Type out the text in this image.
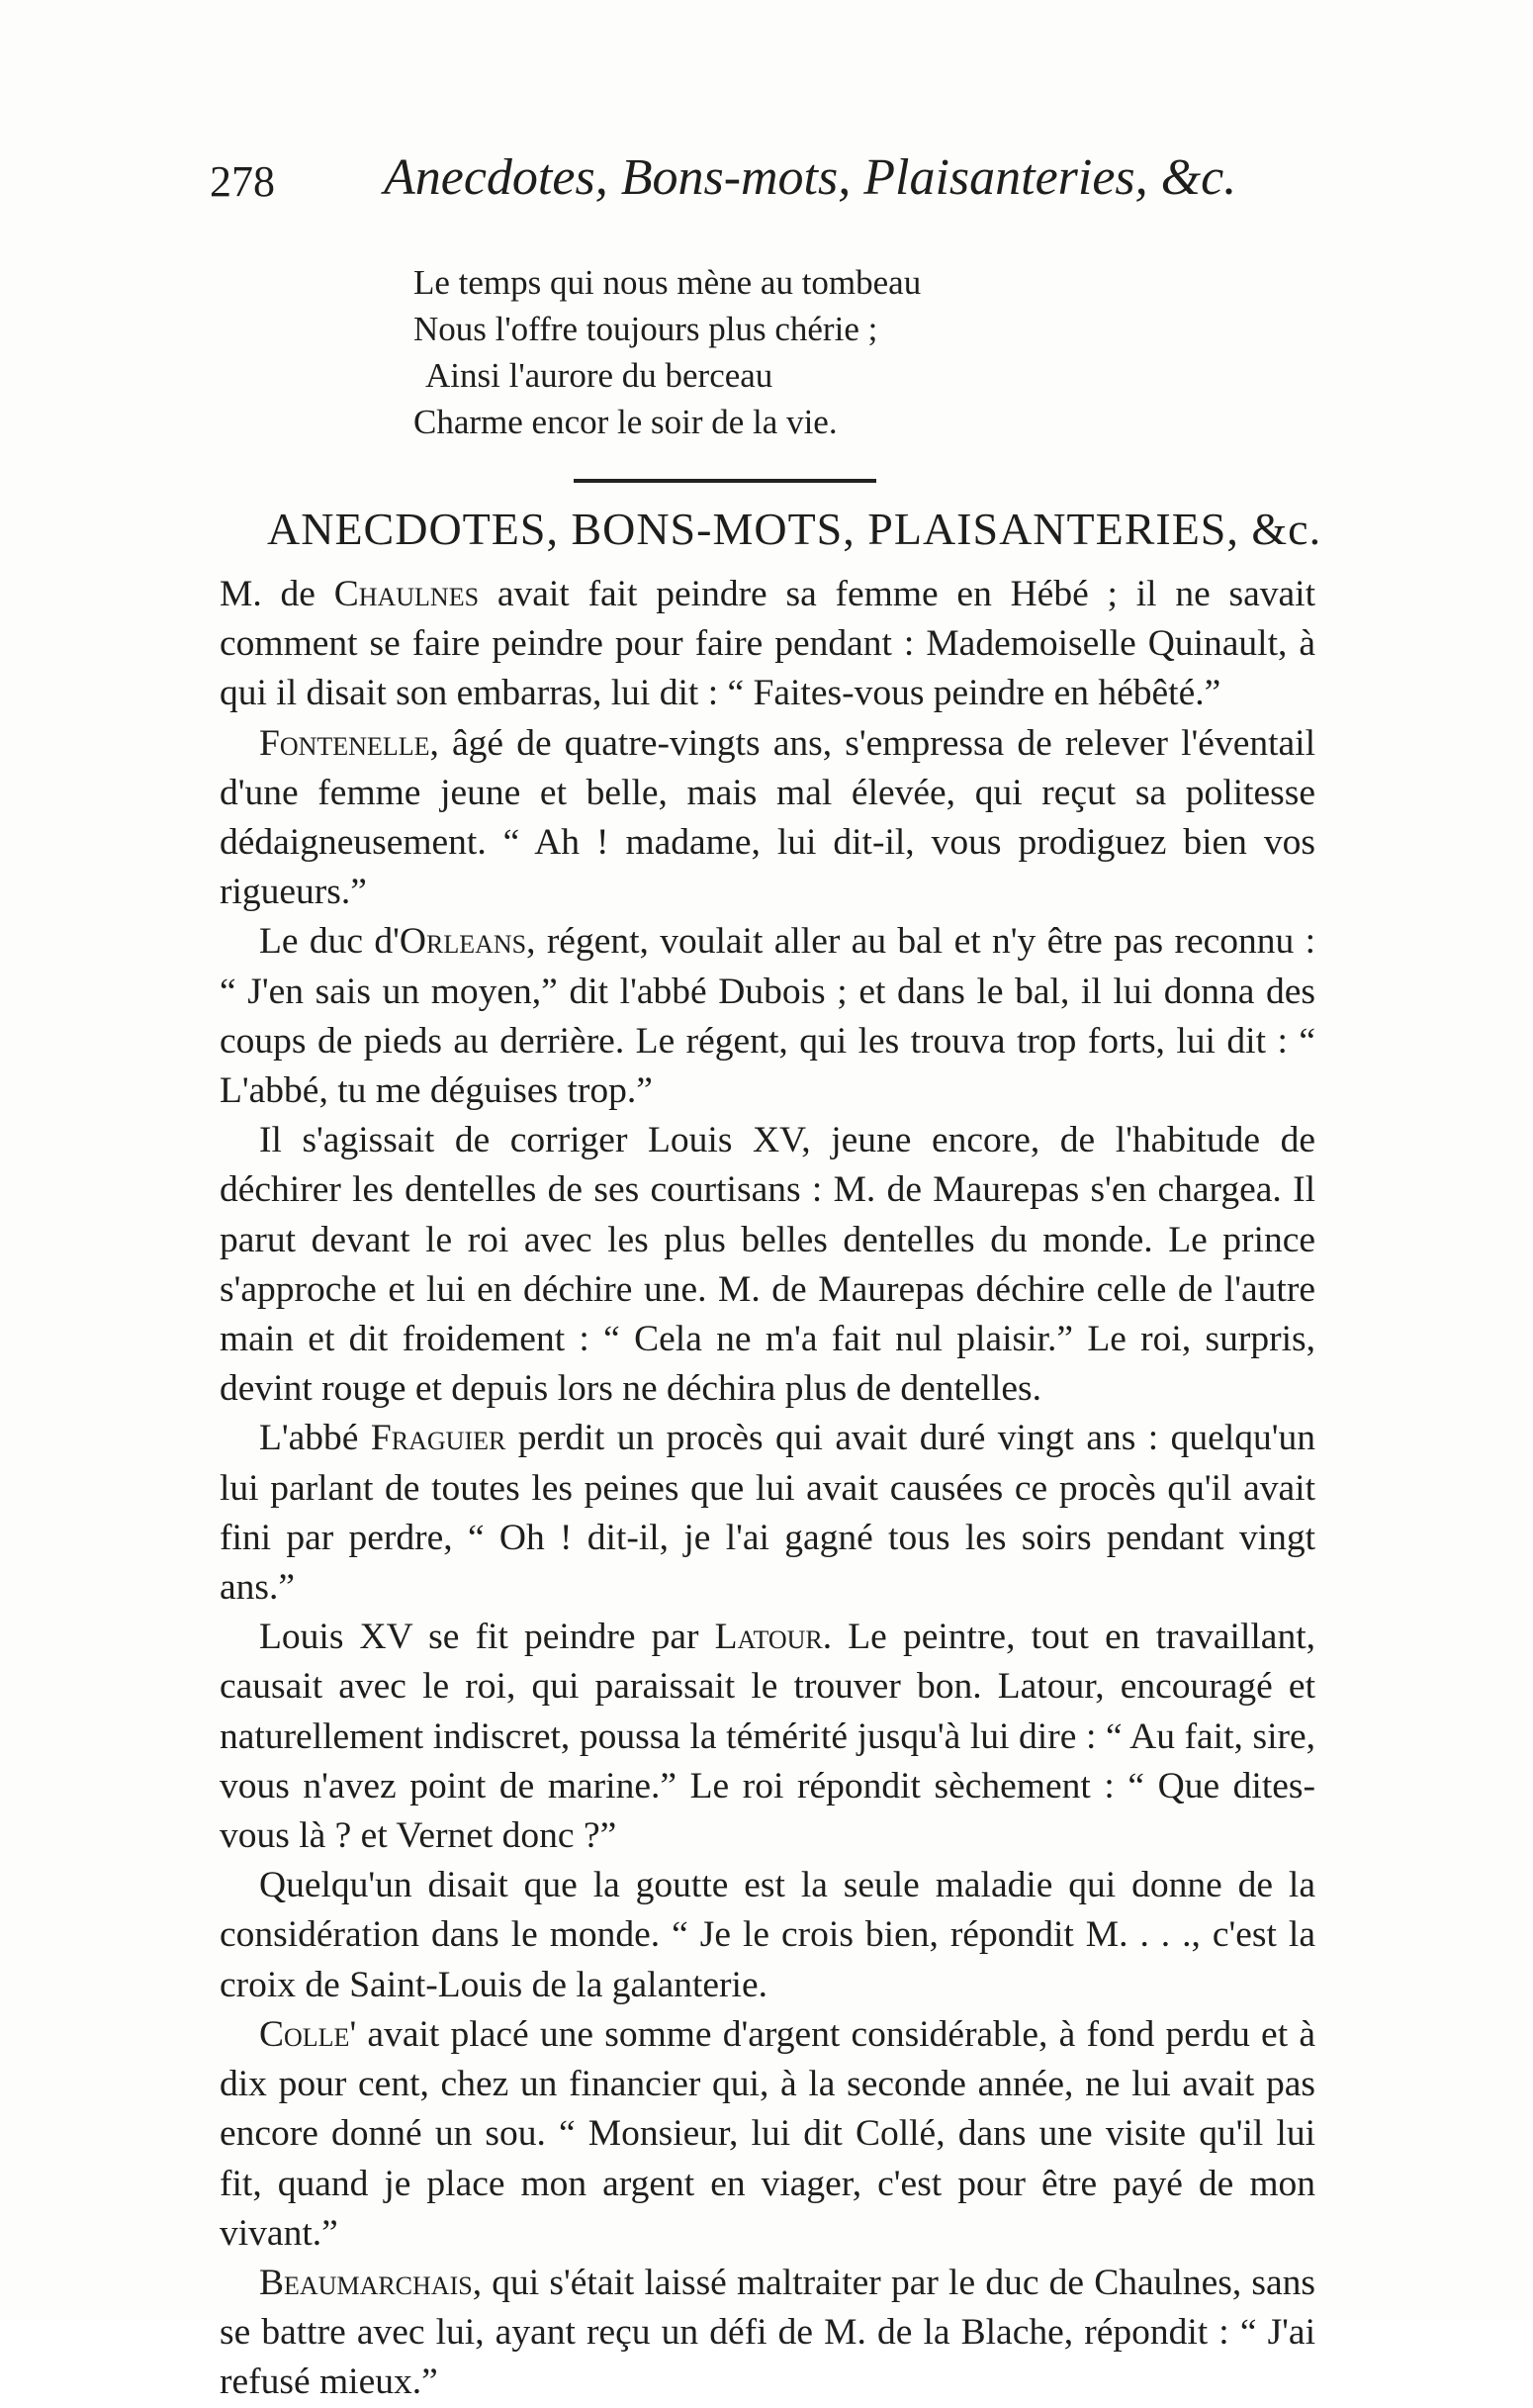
278 Anecdotes, Bons-mots, Plaisanteries, &c.
Le temps qui nous mène au tombeau
Nous l'offre toujours plus chérie ;
Ainsi l'aurore du berceau
Charme encor le soir de la vie.
ANECDOTES, BONS-MOTS, PLAISANTERIES, &c.

M. de Chaulnes avait fait peindre sa femme en Hébé ; il ne savait comment se faire peindre pour faire pendant : Mademoiselle Quinault, à qui il disait son embarras, lui dit : “ Faites-vous peindre en hébêté.”

Fontenelle, âgé de quatre-vingts ans, s'empressa de relever l'éventail d'une femme jeune et belle, mais mal élevée, qui reçut sa politesse dédaigneusement. “ Ah ! madame, lui dit-il, vous prodiguez bien vos rigueurs.”

Le duc d'Orleans, régent, voulait aller au bal et n'y être pas reconnu : “ J'en sais un moyen,” dit l'abbé Dubois ; et dans le bal, il lui donna des coups de pieds au derrière. Le régent, qui les trouva trop forts, lui dit : “ L'abbé, tu me déguises trop.”

Il s'agissait de corriger Louis XV, jeune encore, de l'habitude de déchirer les dentelles de ses courtisans : M. de Maurepas s'en chargea. Il parut devant le roi avec les plus belles dentelles du monde. Le prince s'approche et lui en déchire une. M. de Maurepas déchire celle de l'autre main et dit froidement : “ Cela ne m'a fait nul plaisir.” Le roi, surpris, devint rouge et depuis lors ne déchira plus de dentelles.

L'abbé Fraguier perdit un procès qui avait duré vingt ans : quelqu'un lui parlant de toutes les peines que lui avait causées ce procès qu'il avait fini par perdre, “ Oh ! dit-il, je l'ai gagné tous les soirs pendant vingt ans.”

Louis XV se fit peindre par Latour. Le peintre, tout en travaillant, causait avec le roi, qui paraissait le trouver bon. Latour, encouragé et naturellement indiscret, poussa la témérité jusqu'à lui dire : “ Au fait, sire, vous n'avez point de marine.” Le roi répondit sèchement : “ Que dites-vous là ? et Vernet donc ?”

Quelqu'un disait que la goutte est la seule maladie qui donne de la considération dans le monde. “ Je le crois bien, répondit M. . . ., c'est la croix de Saint-Louis de la galanterie.

Colle' avait placé une somme d'argent considérable, à fond perdu et à dix pour cent, chez un financier qui, à la seconde année, ne lui avait pas encore donné un sou. “ Monsieur, lui dit Collé, dans une visite qu'il lui fit, quand je place mon argent en viager, c'est pour être payé de mon vivant.”

Beaumarchais, qui s'était laissé maltraiter par le duc de Chaulnes, sans se battre avec lui, ayant reçu un défi de M. de la Blache, répondit : “ J'ai refusé mieux.”
